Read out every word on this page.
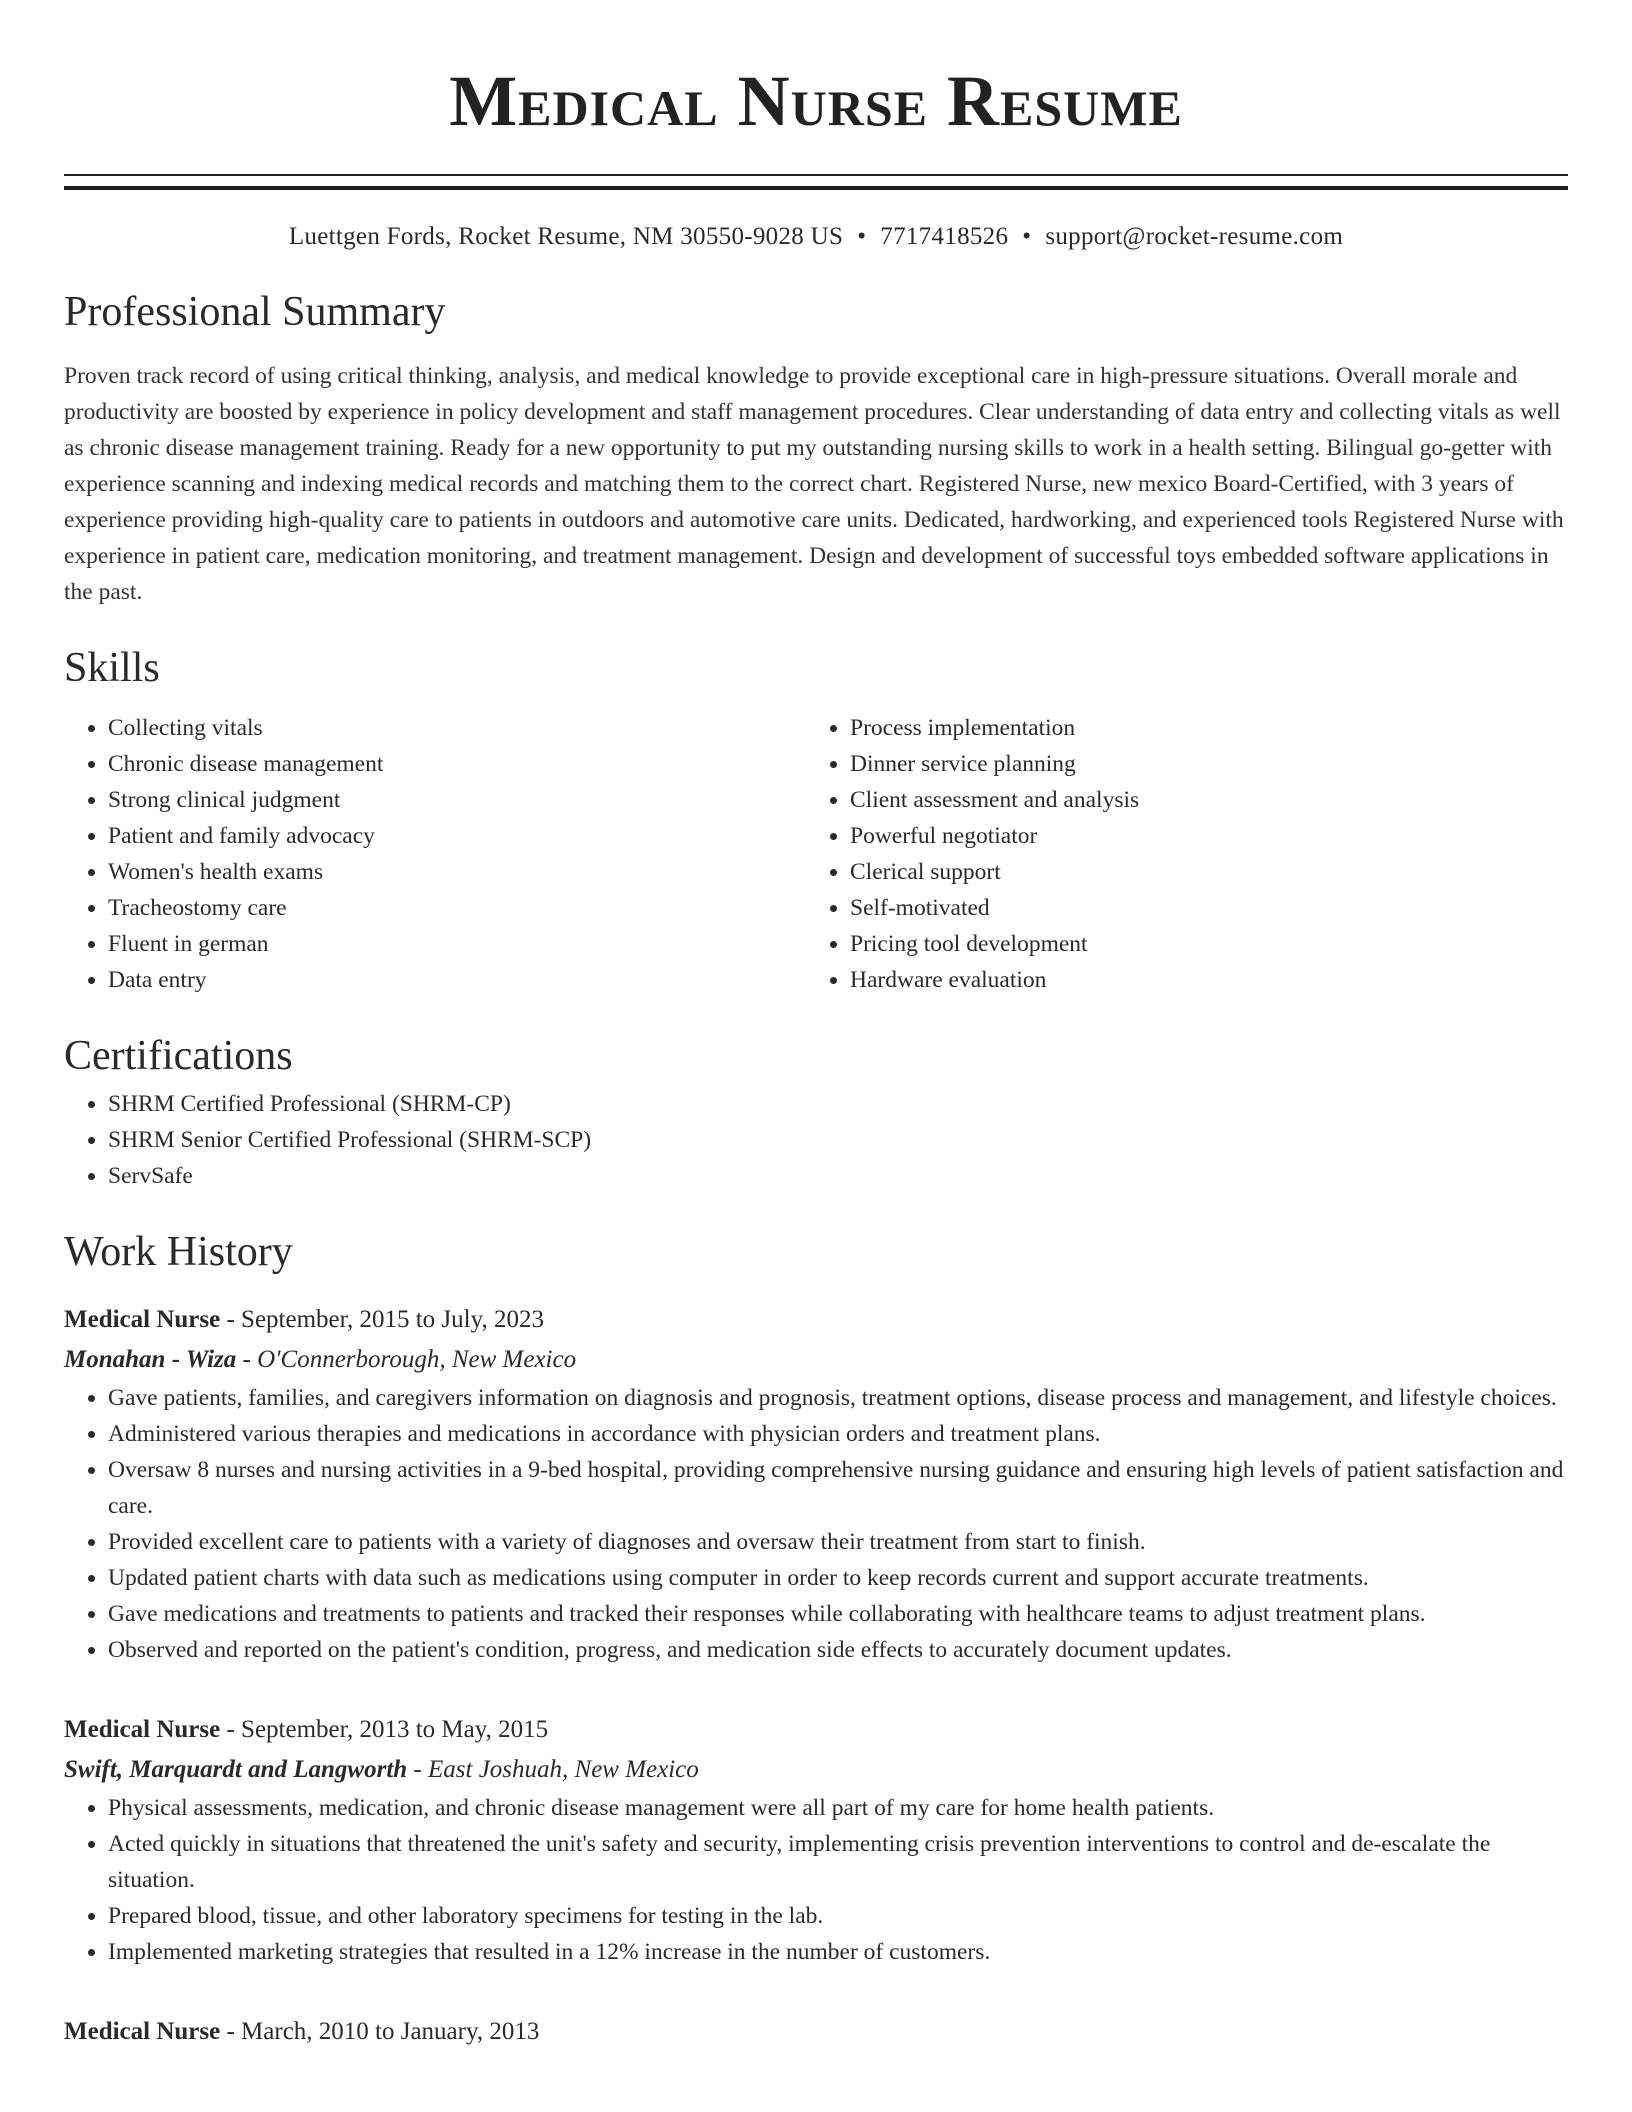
Medical Nurse Resume
Luettgen Fords, Rocket Resume, NM 30550-9028 US • 7717418526 • support@rocket-resume.com
Professional Summary
Proven track record of using critical thinking, analysis, and medical knowledge to provide exceptional care in high-pressure situations. Overall morale and productivity are boosted by experience in policy development and staff management procedures. Clear understanding of data entry and collecting vitals as well as chronic disease management training. Ready for a new opportunity to put my outstanding nursing skills to work in a health setting. Bilingual go-getter with experience scanning and indexing medical records and matching them to the correct chart. Registered Nurse, new mexico Board-Certified, with 3 years of experience providing high-quality care to patients in outdoors and automotive care units. Dedicated, hardworking, and experienced tools Registered Nurse with experience in patient care, medication monitoring, and treatment management. Design and development of successful toys embedded software applications in the past.
Skills
• Collecting vitals
• Chronic disease management
• Strong clinical judgment
• Patient and family advocacy
• Women's health exams
• Tracheostomy care
• Fluent in german
• Data entry
• Process implementation
• Dinner service planning
• Client assessment and analysis
• Powerful negotiator
• Clerical support
• Self-motivated
• Pricing tool development
• Hardware evaluation
Certifications
• SHRM Certified Professional (SHRM-CP)
• SHRM Senior Certified Professional (SHRM-SCP)
• ServSafe
Work History
Medical Nurse - September, 2015 to July, 2023
Monahan - Wiza - O'Connerborough, New Mexico
• Gave patients, families, and caregivers information on diagnosis and prognosis, treatment options, disease process and management, and lifestyle choices.
• Administered various therapies and medications in accordance with physician orders and treatment plans.
• Oversaw 8 nurses and nursing activities in a 9-bed hospital, providing comprehensive nursing guidance and ensuring high levels of patient satisfaction and care.
• Provided excellent care to patients with a variety of diagnoses and oversaw their treatment from start to finish.
• Updated patient charts with data such as medications using computer in order to keep records current and support accurate treatments.
• Gave medications and treatments to patients and tracked their responses while collaborating with healthcare teams to adjust treatment plans.
• Observed and reported on the patient's condition, progress, and medication side effects to accurately document updates.
Medical Nurse - September, 2013 to May, 2015
Swift, Marquardt and Langworth - East Joshuah, New Mexico
• Physical assessments, medication, and chronic disease management were all part of my care for home health patients.
• Acted quickly in situations that threatened the unit's safety and security, implementing crisis prevention interventions to control and de-escalate the situation.
• Prepared blood, tissue, and other laboratory specimens for testing in the lab.
• Implemented marketing strategies that resulted in a 12% increase in the number of customers.
Medical Nurse - March, 2010 to January, 2013
